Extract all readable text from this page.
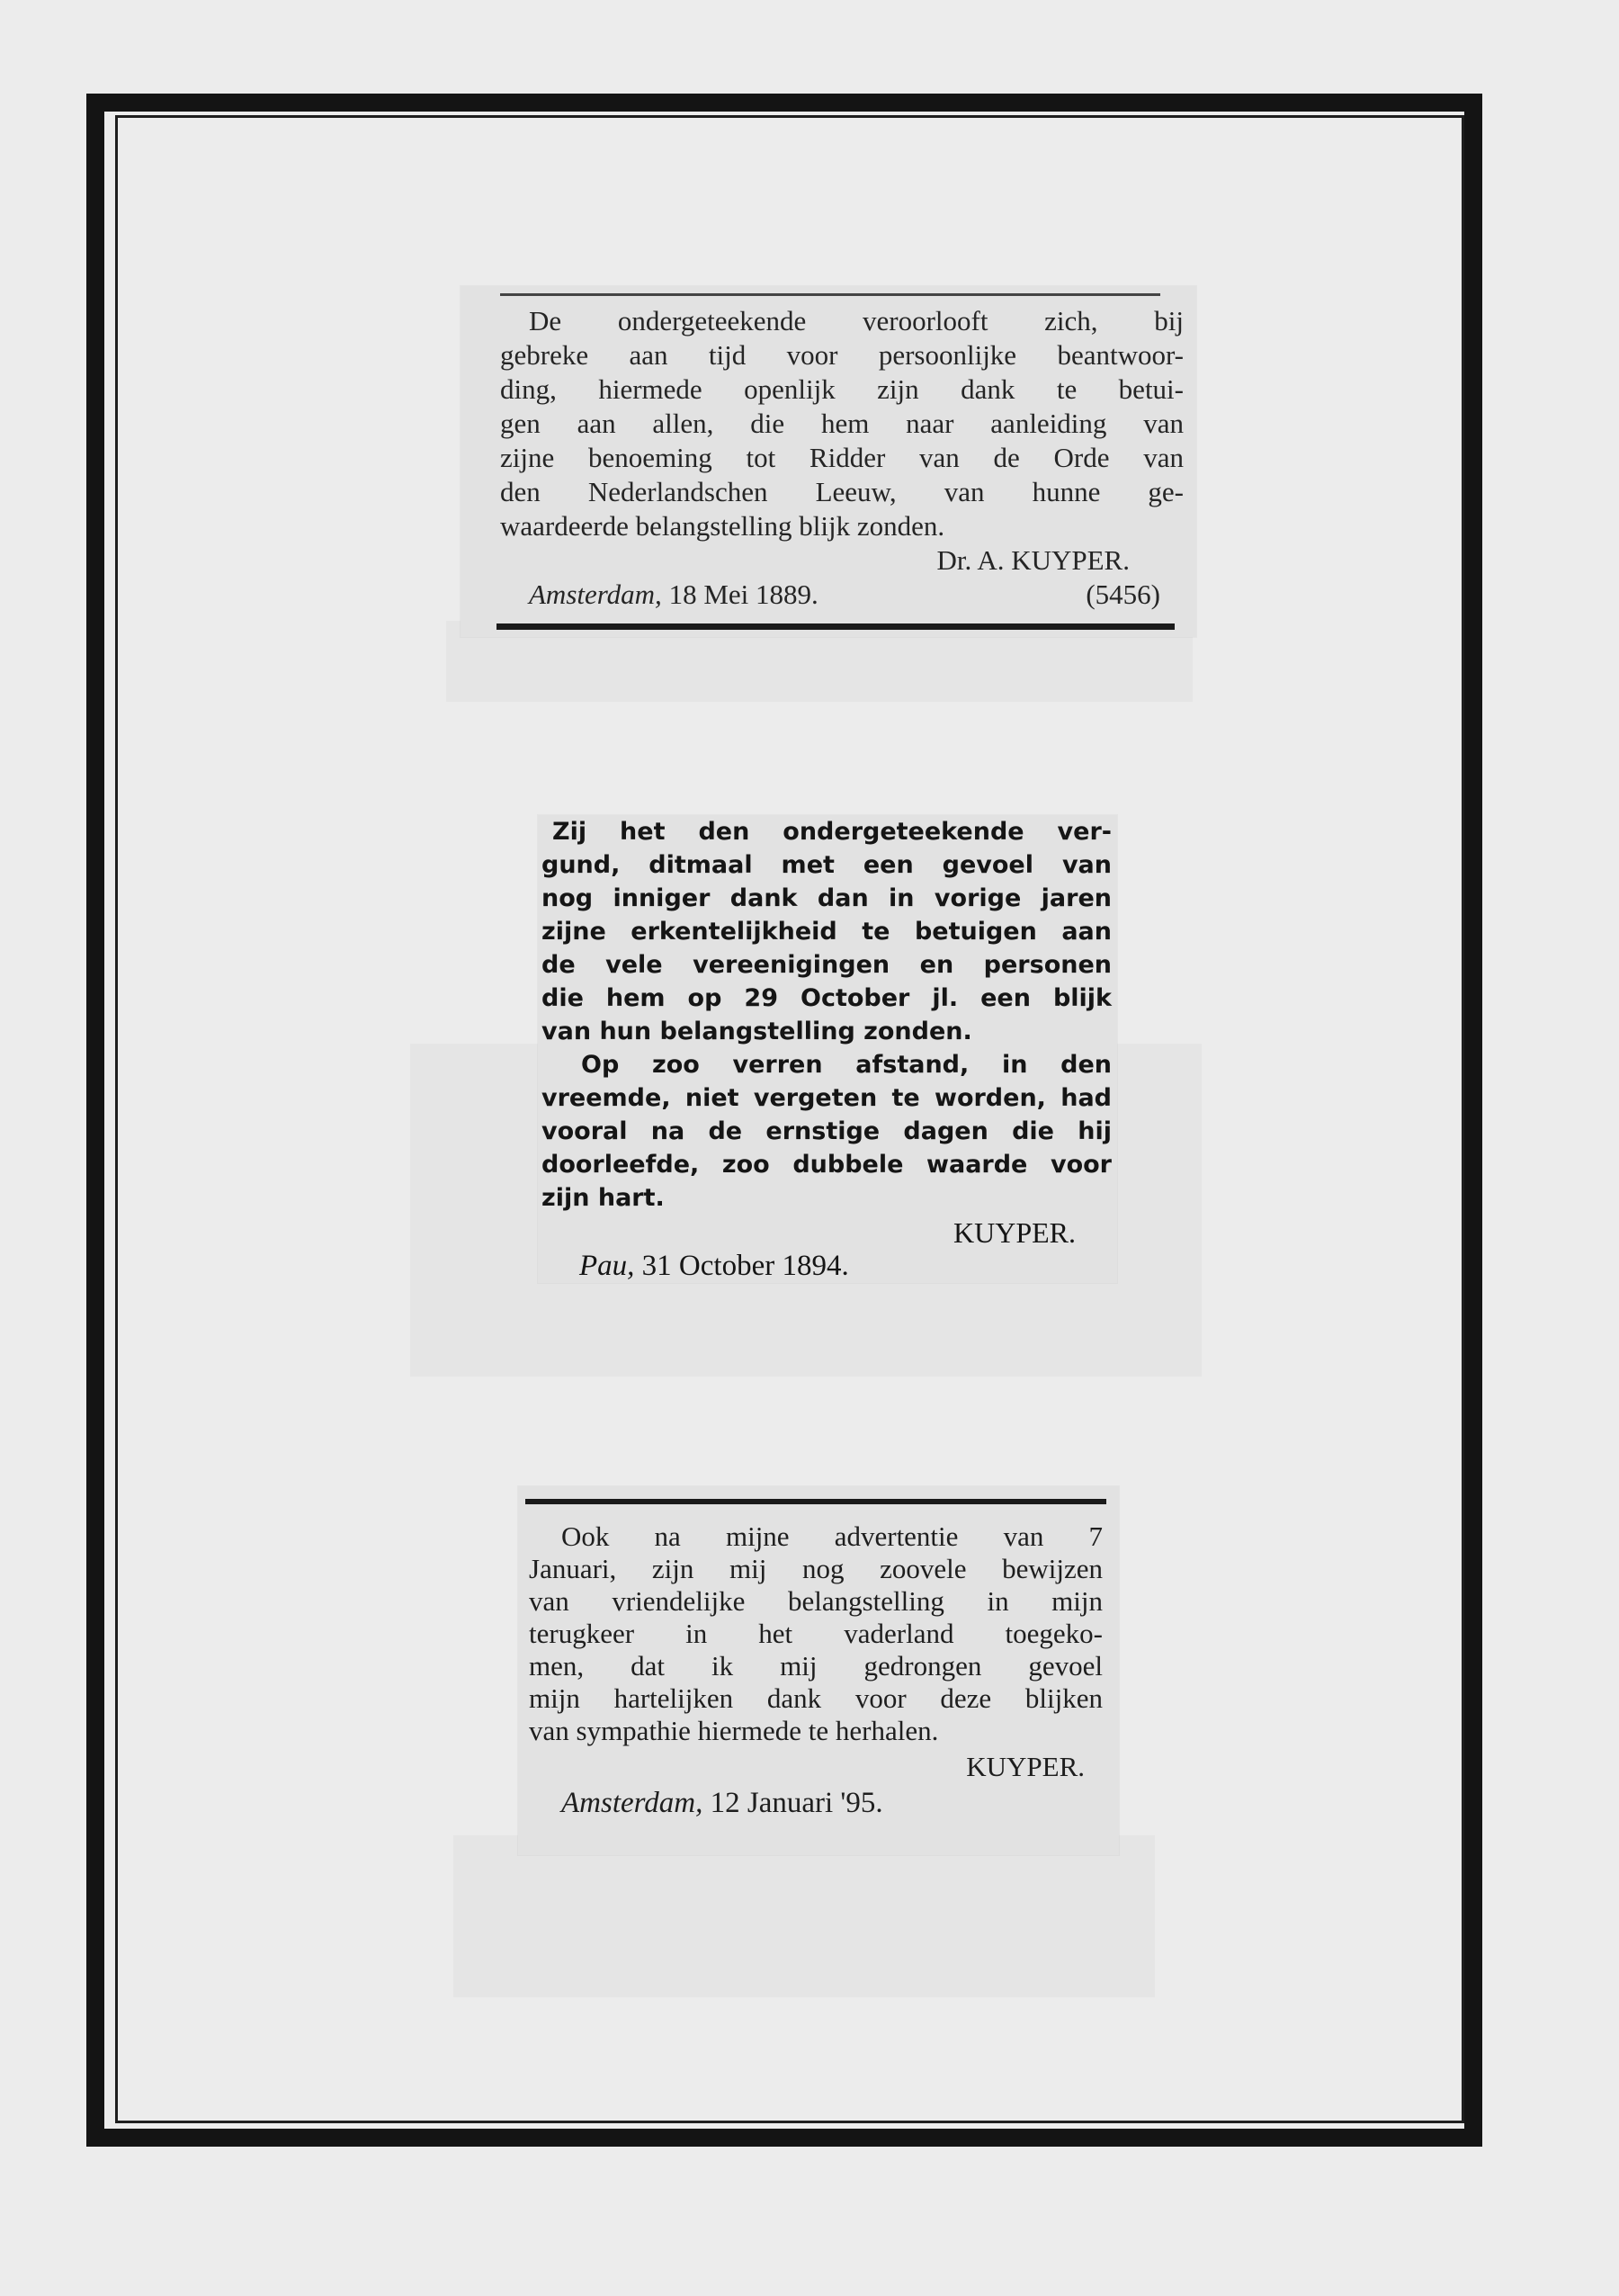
De ondergeteekende veroorlooft zich, bij

gebreke aan tijd voor persoonlijke beantwoor-

ding, hiermede openlijk zijn dank te betui-

gen aan allen, die hem naar aanleiding van

zijne benoeming tot Ridder van de Orde van

den Nederlandschen Leeuw, van hunne ge-

waardeerde belangstelling blijk zonden.

Dr. A. KUYPER.

Amsterdam, 18 Mei 1889.	(5456)

Zij het den ondergeteekende ver-

gund, ditmaal met een gevoel van

nog inniger dank dan in vorige jaren

zijne erkentelijkheid te betuigen aan

de vele vereenigingen en personen

die hem op 29 October jl. een blijk

van hun belangstelling zonden.

Op zoo verren afstand, in den

vreemde, niet vergeten te worden, had

vooral na de ernstige dagen die hij

doorleefde, zoo dubbele waarde voor

zijn hart.

KUYPER.

Pau, 31 October 1894.

Ook na mijne advertentie van 7

Januari, zijn mij nog zoovele bewijzen

van vriendelijke belangstelling in mijn

terugkeer in het vaderland toegeko-

men, dat ik mij gedrongen gevoel

mijn hartelijken dank voor deze blijken

van sympathie hiermede te herhalen.

KUYPER.

Amsterdam, 12 Januari '95.
